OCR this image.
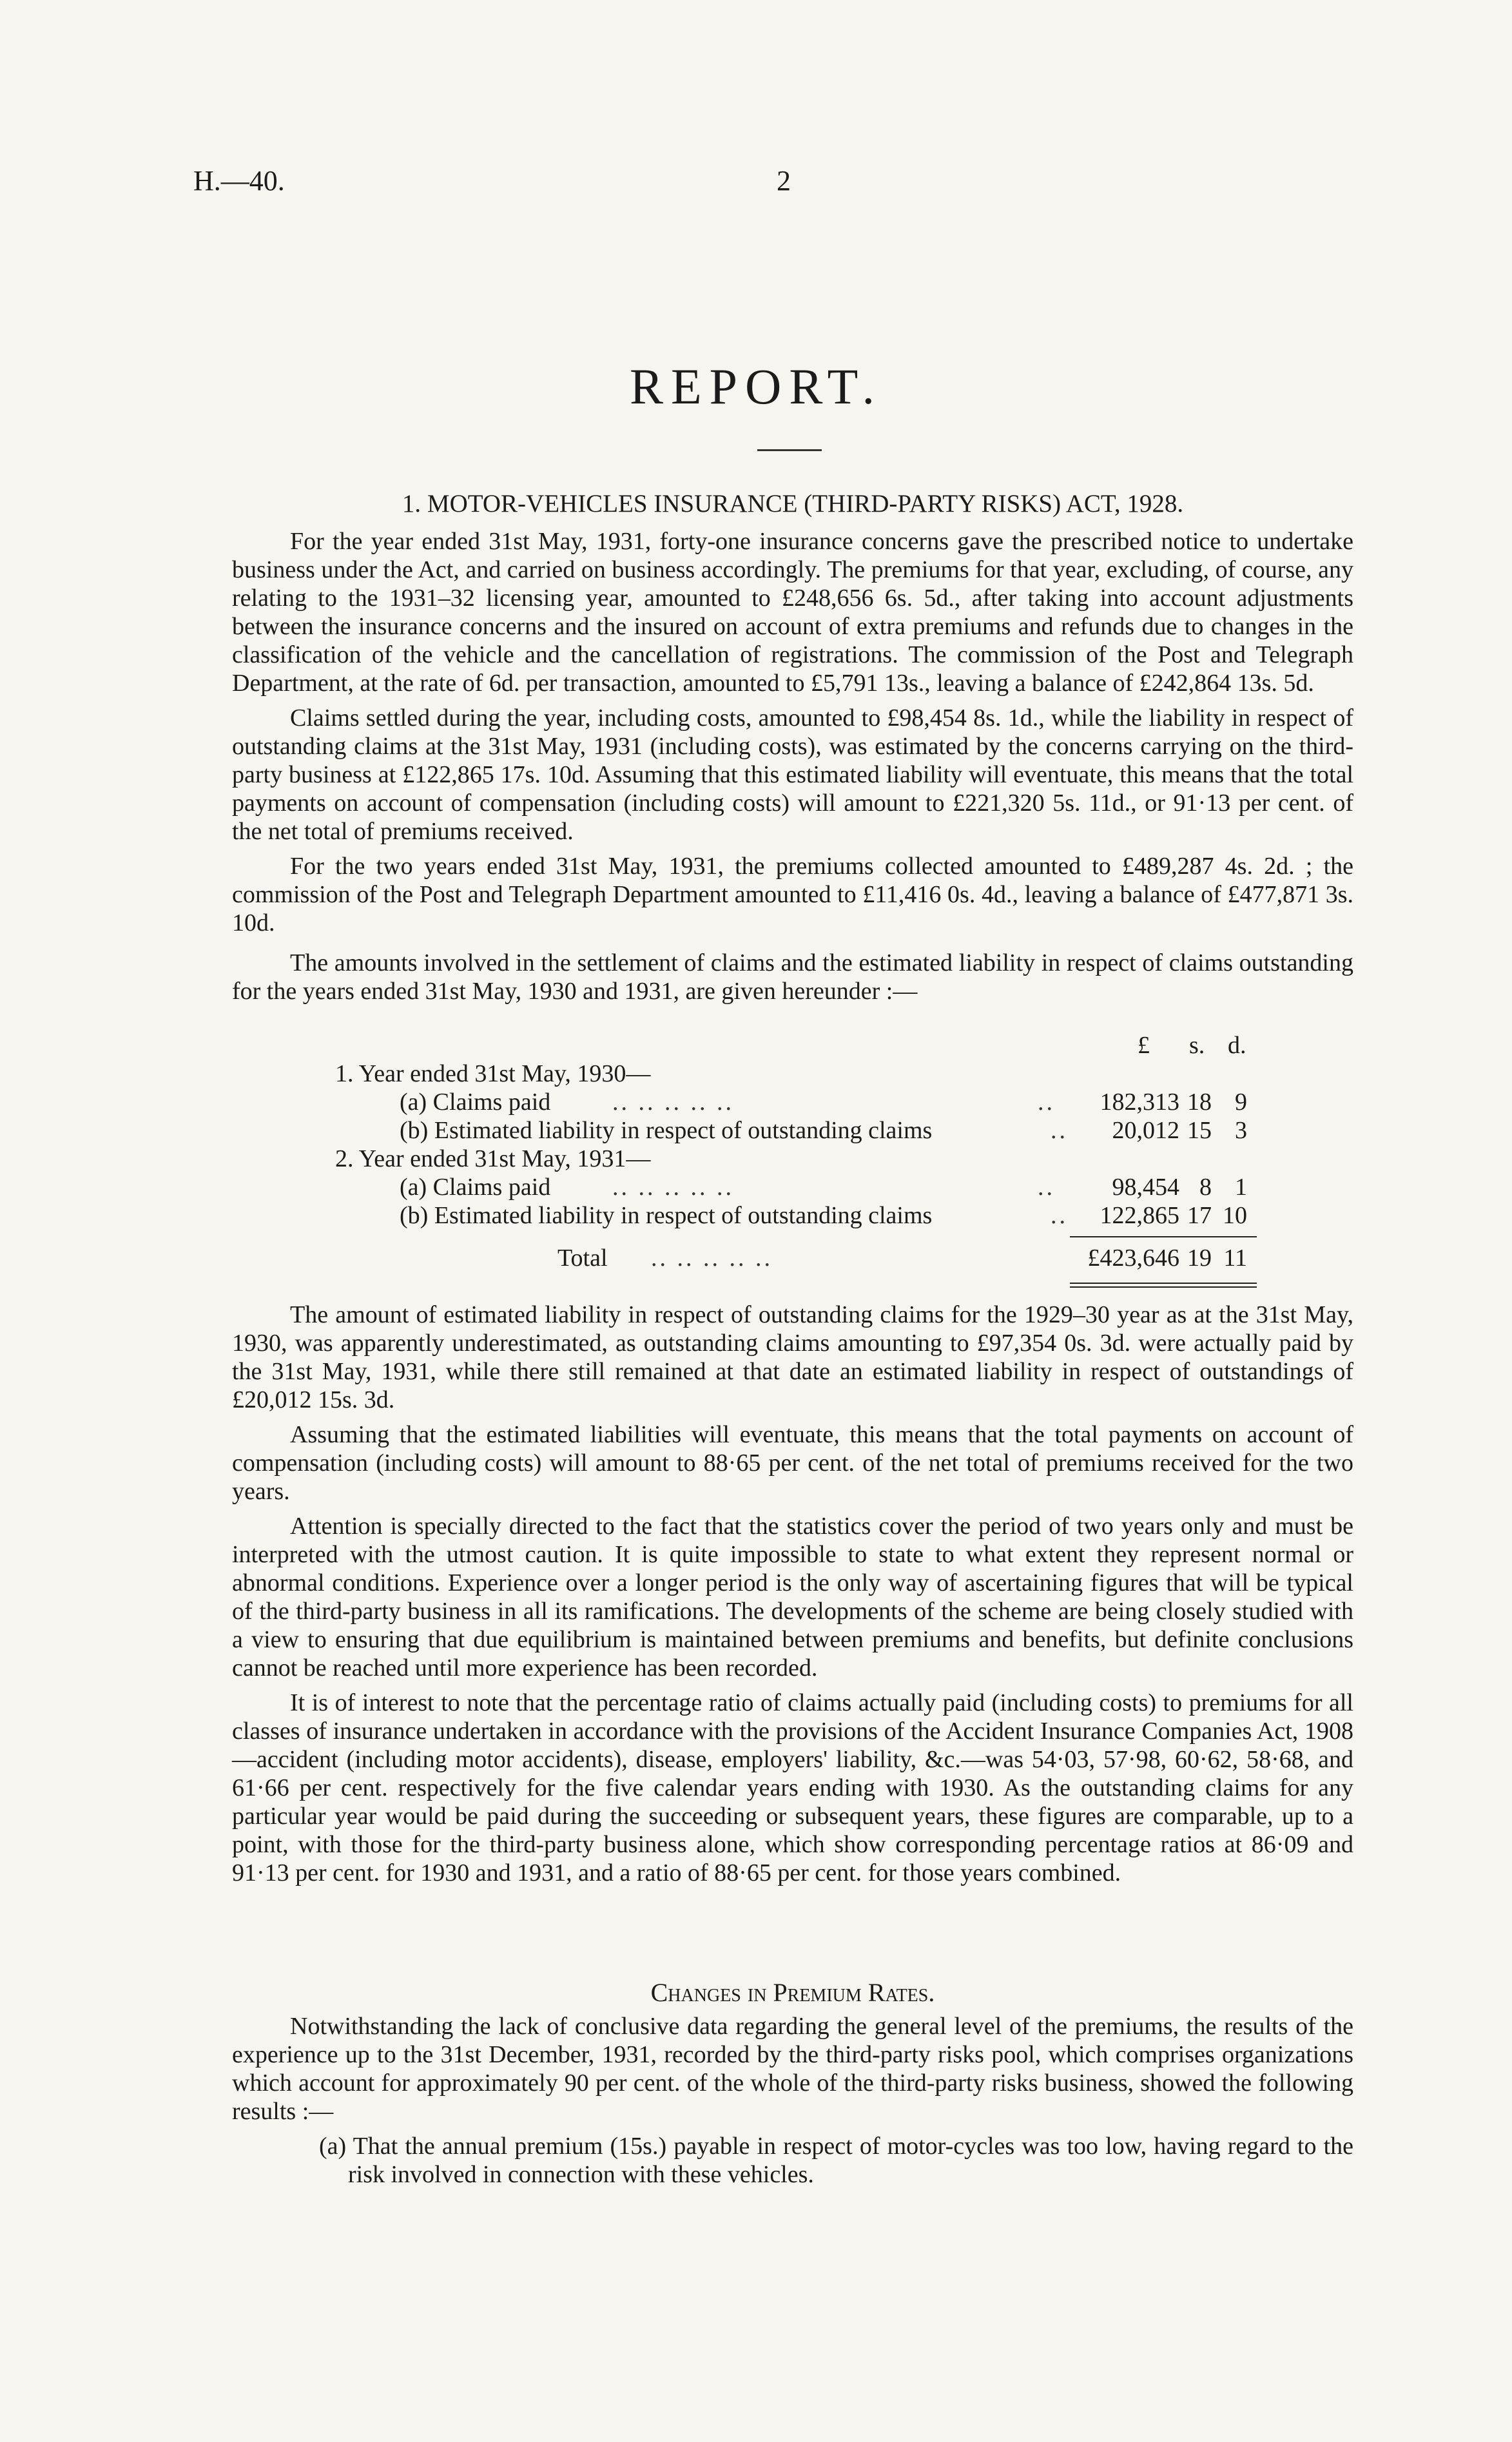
H.—40.	2
REPORT.
1. MOTOR-VEHICLES INSURANCE (THIRD-PARTY RISKS) ACT, 1928.

For the year ended 31st May, 1931, forty-one insurance concerns gave the prescribed notice to undertake business under the Act, and carried on business accordingly. The premiums for that year, excluding, of course, any relating to the 1931–32 licensing year, amounted to £248,656 6s. 5d., after taking into account adjustments between the insurance concerns and the insured on account of extra premiums and refunds due to changes in the classification of the vehicle and the cancellation of registrations. The commission of the Post and Telegraph Department, at the rate of 6d. per transaction, amounted to £5,791 13s., leaving a balance of £242,864 13s. 5d.

Claims settled during the year, including costs, amounted to £98,454 8s. 1d., while the liability in respect of outstanding claims at the 31st May, 1931 (including costs), was estimated by the concerns carrying on the third-party business at £122,865 17s. 10d. Assuming that this estimated liability will eventuate, this means that the total payments on account of compensation (including costs) will amount to £221,320 5s. 11d., or 91·13 per cent. of the net total of premiums received.

For the two years ended 31st May, 1931, the premiums collected amounted to £489,287 4s. 2d. ; the commission of the Post and Telegraph Department amounted to £11,416 0s. 4d., leaving a balance of £477,871 3s. 10d.

The amounts involved in the settlement of claims and the estimated liability in respect of claims outstanding for the years ended 31st May, 1930 and 1931, are given hereunder :—

£ s. d.
1. Year ended 31st May, 1930—
(a) Claims paid	.. .. .. .. ..	..	182,313 18 9
(b) Estimated liability in respect of outstanding claims	..	20,012 15 3
2. Year ended 31st May, 1931—
(a) Claims paid	.. .. .. .. ..	..	98,454 8 1
(b) Estimated liability in respect of outstanding claims	..	122,865 17 10
Total .. .. .. .. ..	£423,646 19 11

The amount of estimated liability in respect of outstanding claims for the 1929–30 year as at the 31st May, 1930, was apparently underestimated, as outstanding claims amounting to £97,354 0s. 3d. were actually paid by the 31st May, 1931, while there still remained at that date an estimated liability in respect of outstandings of £20,012 15s. 3d.

Assuming that the estimated liabilities will eventuate, this means that the total payments on account of compensation (including costs) will amount to 88·65 per cent. of the net total of premiums received for the two years.

Attention is specially directed to the fact that the statistics cover the period of two years only and must be interpreted with the utmost caution. It is quite impossible to state to what extent they represent normal or abnormal conditions. Experience over a longer period is the only way of ascertaining figures that will be typical of the third-party business in all its ramifications. The developments of the scheme are being closely studied with a view to ensuring that due equilibrium is maintained between premiums and benefits, but definite conclusions cannot be reached until more experience has been recorded.

It is of interest to note that the percentage ratio of claims actually paid (including costs) to premiums for all classes of insurance undertaken in accordance with the provisions of the Accident Insurance Companies Act, 1908—accident (including motor accidents), disease, employers' liability, &c.—was 54·03, 57·98, 60·62, 58·68, and 61·66 per cent. respectively for the five calendar years ending with 1930. As the outstanding claims for any particular year would be paid during the succeeding or subsequent years, these figures are comparable, up to a point, with those for the third-party business alone, which show corresponding percentage ratios at 86·09 and 91·13 per cent. for 1930 and 1931, and a ratio of 88·65 per cent. for those years combined.

Changes in Premium Rates.

Notwithstanding the lack of conclusive data regarding the general level of the premiums, the results of the experience up to the 31st December, 1931, recorded by the third-party risks pool, which comprises organizations which account for approximately 90 per cent. of the whole of the third-party risks business, showed the following results :—

(a) That the annual premium (15s.) payable in respect of motor-cycles was too low, having regard to the risk involved in connection with these vehicles.
